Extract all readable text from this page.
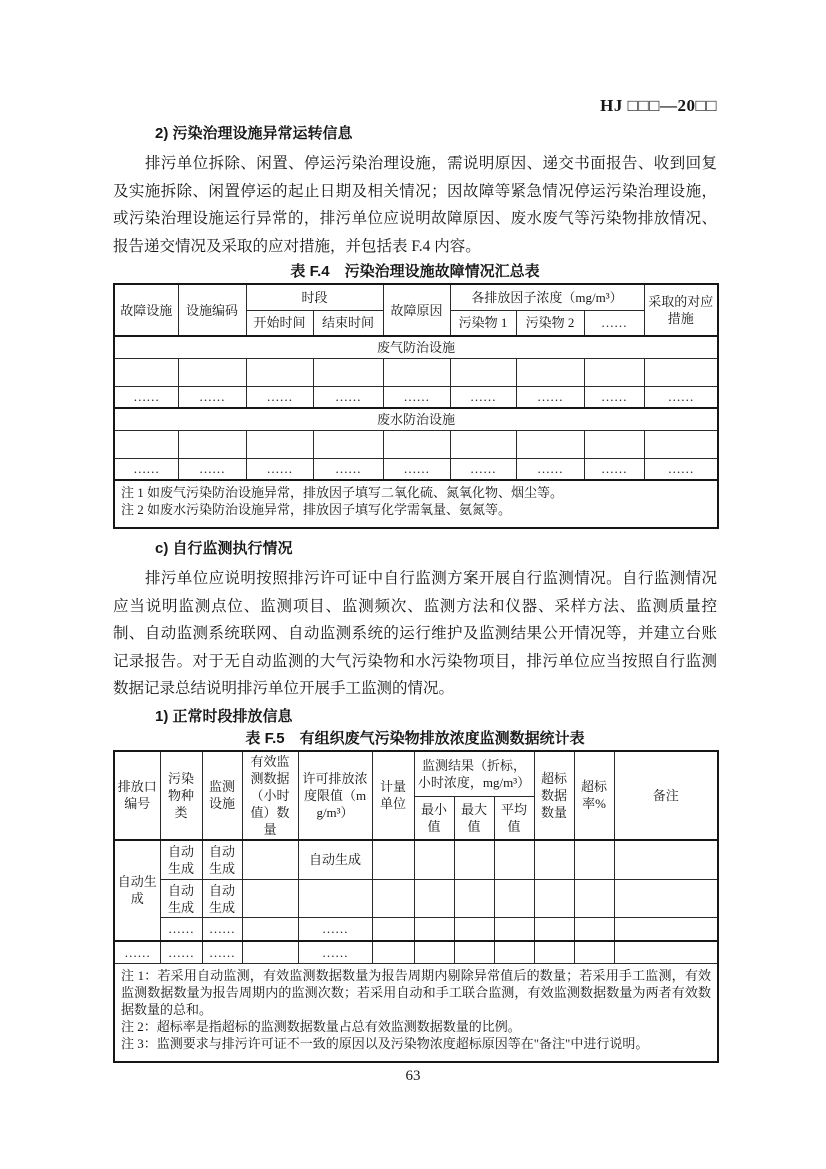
HJ □□□—20□□
2) 污染治理设施异常运转信息

排污单位拆除、闲置、停运污染治理设施，需说明原因、递交书面报告、收到回复及实施拆除、闲置停运的起止日期及相关情况；因故障等紧急情况停运污染治理设施，或污染治理设施运行异常的，排污单位应说明故障原因、废水废气等污染物排放情况、报告递交情况及采取的应对措施，并包括表 F.4 内容。

表 F.4　污染治理设施故障情况汇总表
故障设施	设施编码	时段		故障原因	各排放因子浓度（mg/m³）			采取的对应措施
		开始时间	结束时间		污染物 1	污染物 2	……	
废气防治设施								

……	……	……	……	……	……	……	……	……
废水防治设施								

……	……	……	……	……	……	……	……	……

注 1 如废气污染防治设施异常，排放因子填写二氧化硫、氮氧化物、烟尘等。
注 2 如废水污染防治设施异常，排放因子填写化学需氧量、氨氮等。								
c) 自行监测执行情况

排污单位应说明按照排污许可证中自行监测方案开展自行监测情况。自行监测情况应当说明监测点位、监测项目、监测频次、监测方法和仪器、采样方法、监测质量控制、自动监测系统联网、自动监测系统的运行维护及监测结果公开情况等，并建立台账记录报告。对于无自动监测的大气污染物和水污染物项目，排污单位应当按照自行监测数据记录总结说明排污单位开展手工监测的情况。

1) 正常时段排放信息
表 F.5　有组织废气污染物排放浓度监测数据统计表
排放口编号	污染物种类	监测设施	有效监测数据（小时值）数量	许可排放浓度限值（mg/m³）	计量单位	监测结果（折标，小时浓度，mg/m³）			超标数据数量	超标率%	备注
						最小值	最大值	平均值			
自动生成	自动生成	自动生成		自动生成							
	自动生成	自动生成									
	……	……		……							
……	……	……		……							

注 1：若采用自动监测，有效监测数据数量为报告周期内剔除异常值后的数量；若采用手工监测，有效监测数据数量为报告周期内的监测次数；若采用自动和手工联合监测，有效监测数据数量为两者有效数据数量的总和。
注 2：超标率是指超标的监测数据数量占总有效监测数据数量的比例。
注 3：监测要求与排污许可证不一致的原因以及污染物浓度超标原因等在"备注"中进行说明。											
63
